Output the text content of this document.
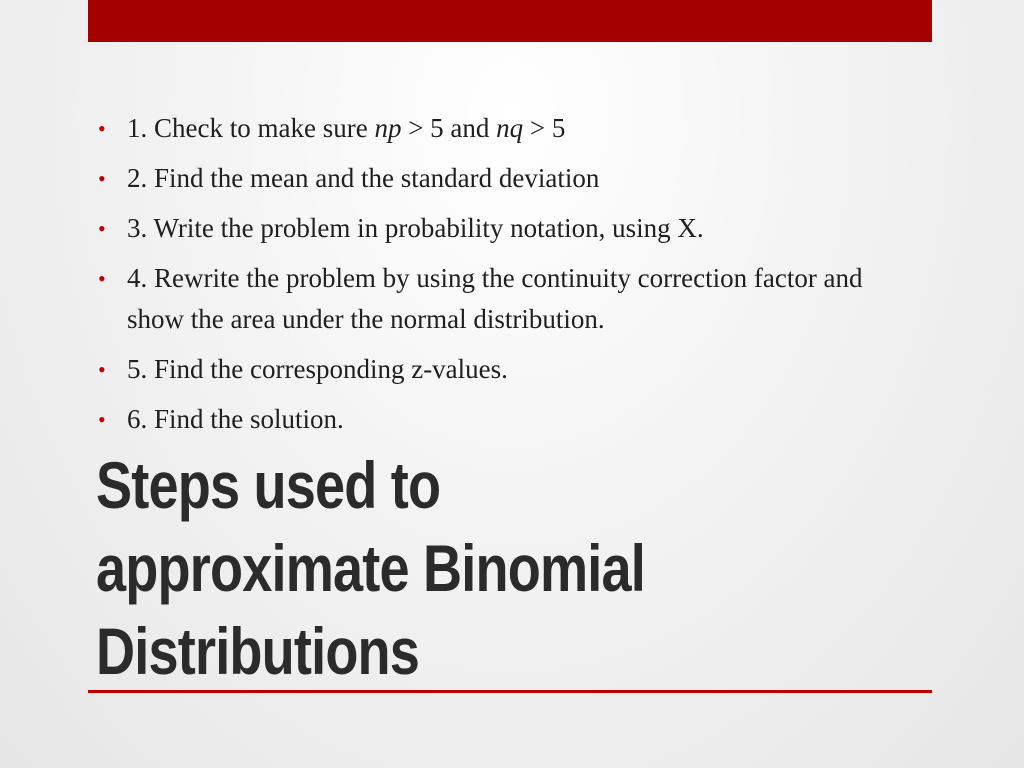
• 1. Check to make sure np > 5 and nq > 5
• 2. Find the mean and the standard deviation
• 3. Write the problem in probability notation, using X.
• 4. Rewrite the problem by using the continuity correction factor and show the area under the normal distribution.
• 5. Find the corresponding z-values.
• 6. Find the solution.
Steps used to
approximate Binomial
Distributions
